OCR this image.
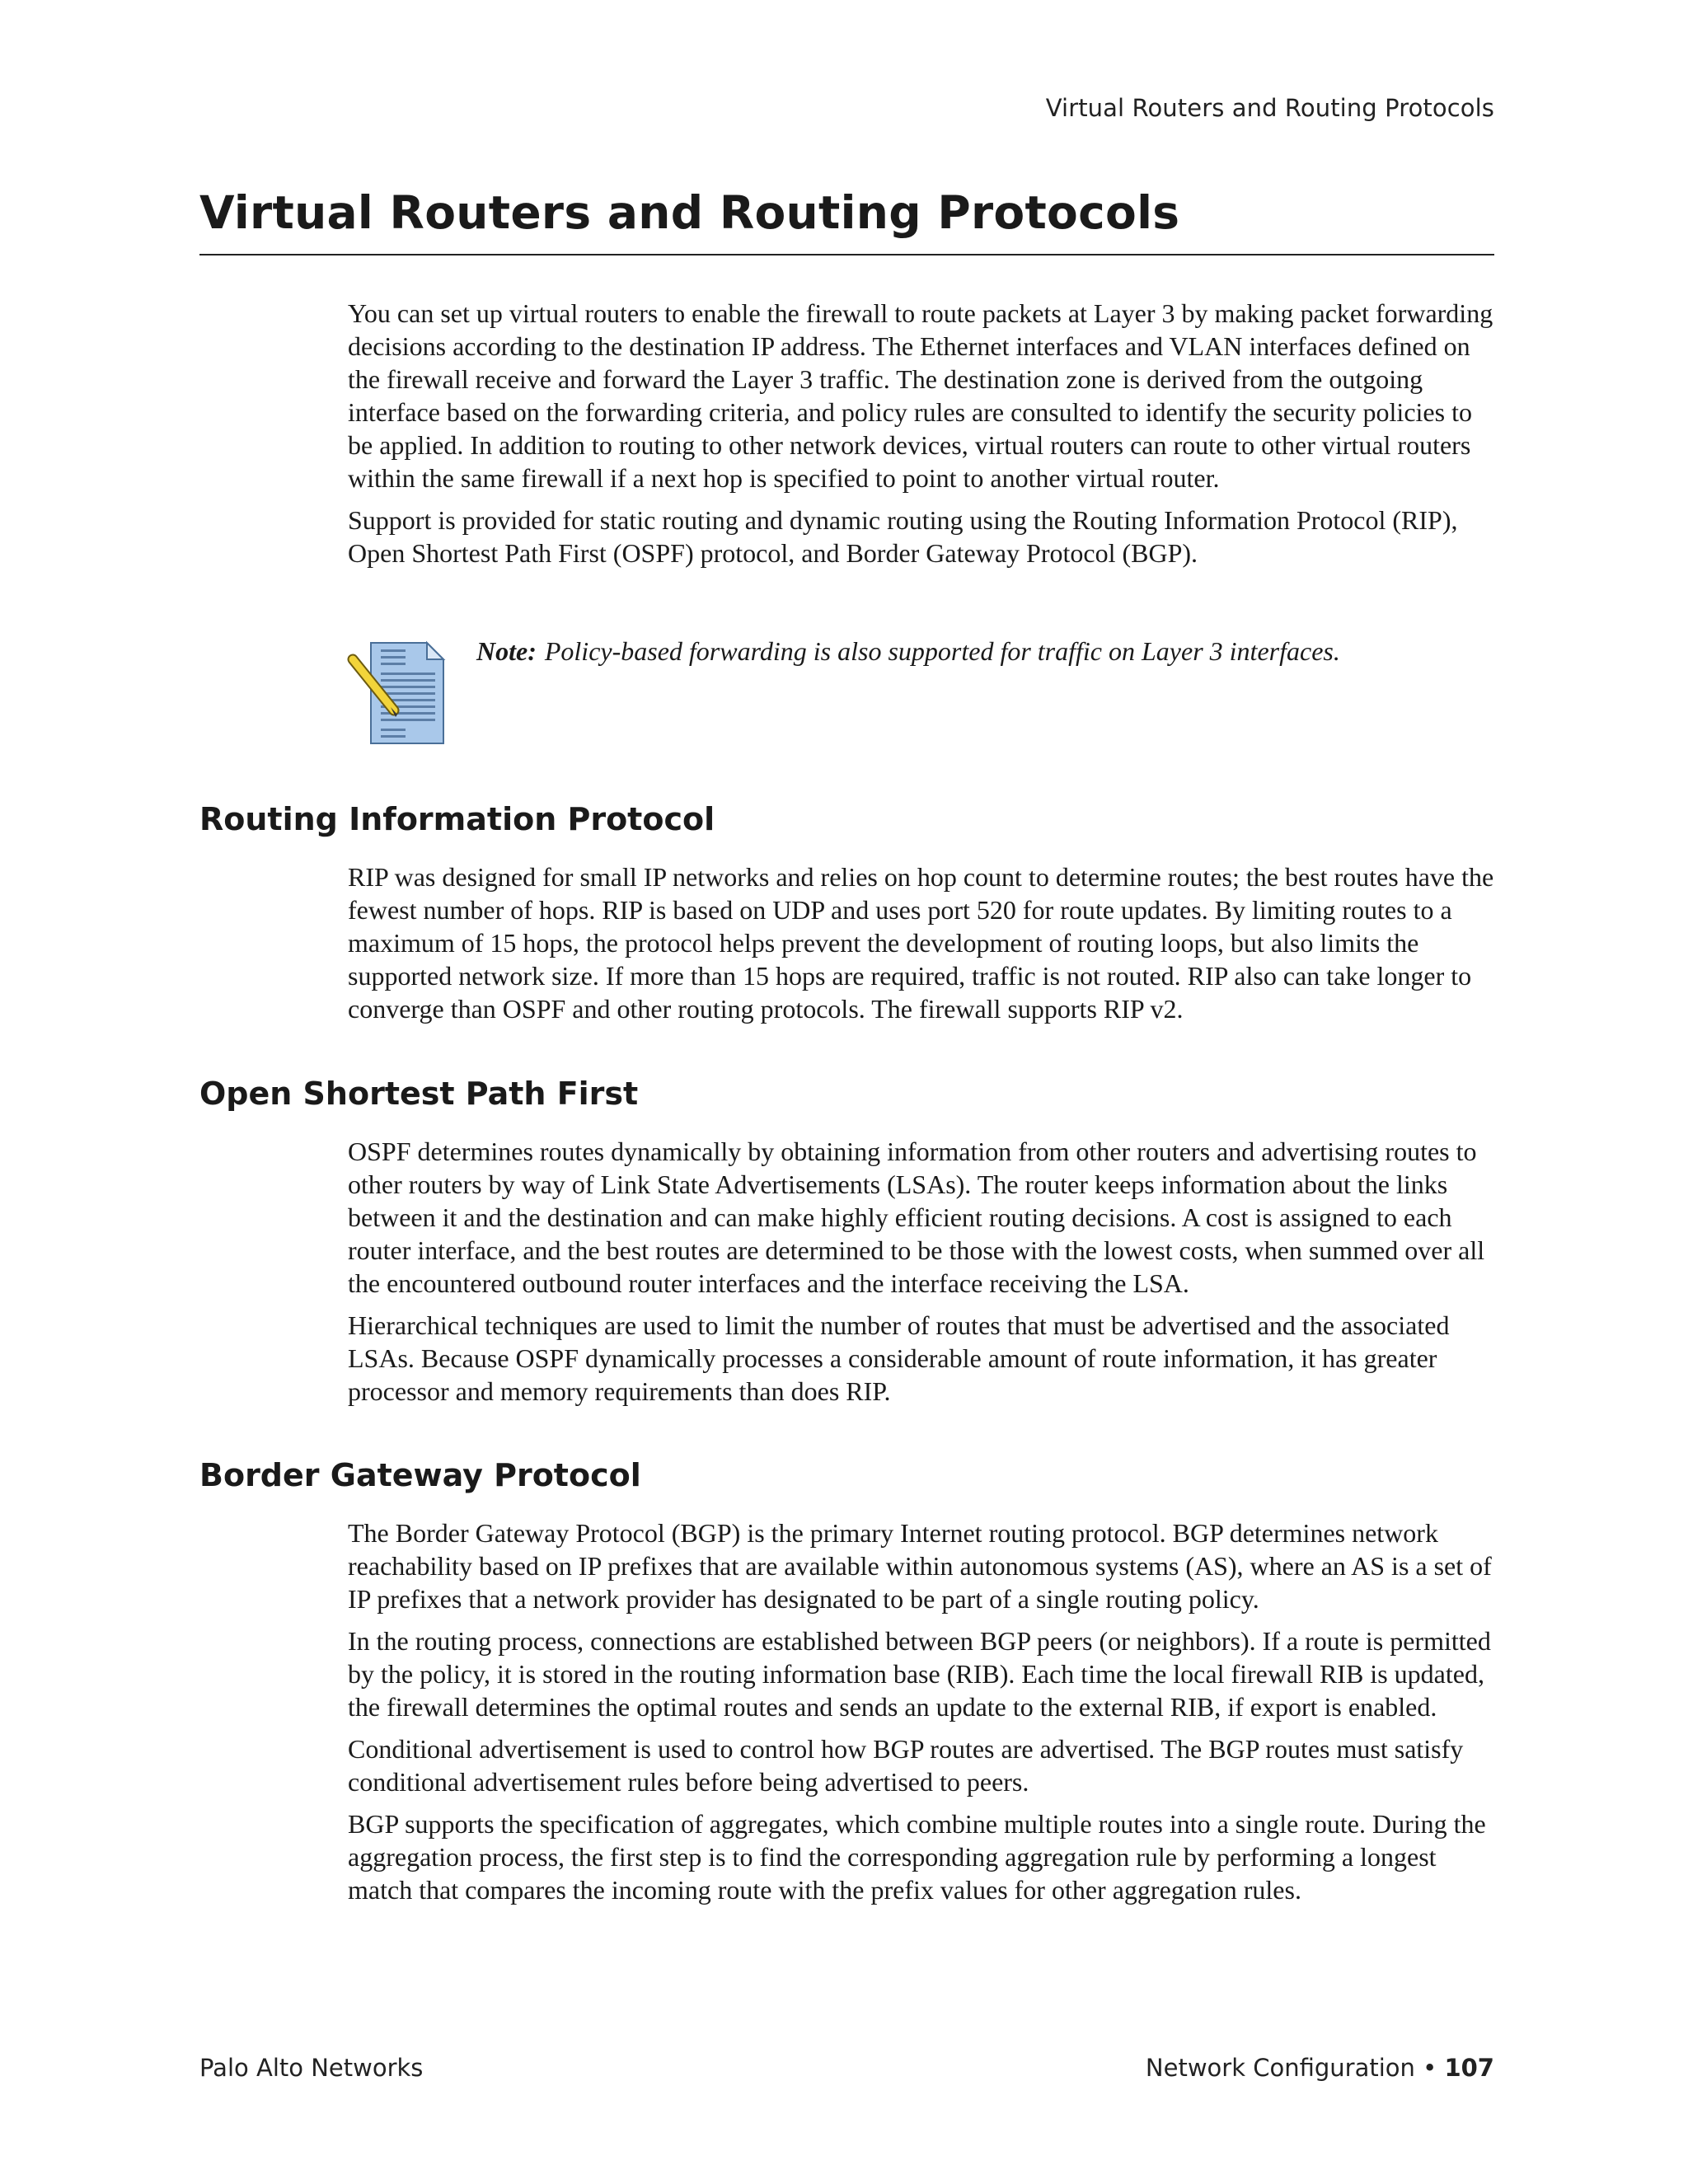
Virtual Routers and Routing Protocols
Virtual Routers and Routing Protocols

You can set up virtual routers to enable the firewall to route packets at Layer 3 by making packet forwarding decisions according to the destination IP address. The Ethernet interfaces and VLAN interfaces defined on the firewall receive and forward the Layer 3 traffic. The destination zone is derived from the outgoing interface based on the forwarding criteria, and policy rules are consulted to identify the security policies to be applied. In addition to routing to other network devices, virtual routers can route to other virtual routers within the same firewall if a next hop is specified to point to another virtual router.

Support is provided for static routing and dynamic routing using the Routing Information Protocol (RIP), Open Shortest Path First (OSPF) protocol, and Border Gateway Protocol (BGP).

Note: Policy-based forwarding is also supported for traffic on Layer 3 interfaces.

Routing Information Protocol

RIP was designed for small IP networks and relies on hop count to determine routes; the best routes have the fewest number of hops. RIP is based on UDP and uses port 520 for route updates. By limiting routes to a maximum of 15 hops, the protocol helps prevent the development of routing loops, but also limits the supported network size. If more than 15 hops are required, traffic is not routed. RIP also can take longer to converge than OSPF and other routing protocols. The firewall supports RIP v2.

Open Shortest Path First

OSPF determines routes dynamically by obtaining information from other routers and advertising routes to other routers by way of Link State Advertisements (LSAs). The router keeps information about the links between it and the destination and can make highly efficient routing decisions. A cost is assigned to each router interface, and the best routes are determined to be those with the lowest costs, when summed over all the encountered outbound router interfaces and the interface receiving the LSA.

Hierarchical techniques are used to limit the number of routes that must be advertised and the associated LSAs. Because OSPF dynamically processes a considerable amount of route information, it has greater processor and memory requirements than does RIP.

Border Gateway Protocol

The Border Gateway Protocol (BGP) is the primary Internet routing protocol. BGP determines network reachability based on IP prefixes that are available within autonomous systems (AS), where an AS is a set of IP prefixes that a network provider has designated to be part of a single routing policy.

In the routing process, connections are established between BGP peers (or neighbors). If a route is permitted by the policy, it is stored in the routing information base (RIB). Each time the local firewall RIB is updated, the firewall determines the optimal routes and sends an update to the external RIB, if export is enabled.

Conditional advertisement is used to control how BGP routes are advertised. The BGP routes must satisfy conditional advertisement rules before being advertised to peers.

BGP supports the specification of aggregates, which combine multiple routes into a single route. During the aggregation process, the first step is to find the corresponding aggregation rule by performing a longest match that compares the incoming route with the prefix values for other aggregation rules.

Palo Alto Networks	Network Configuration • 107
